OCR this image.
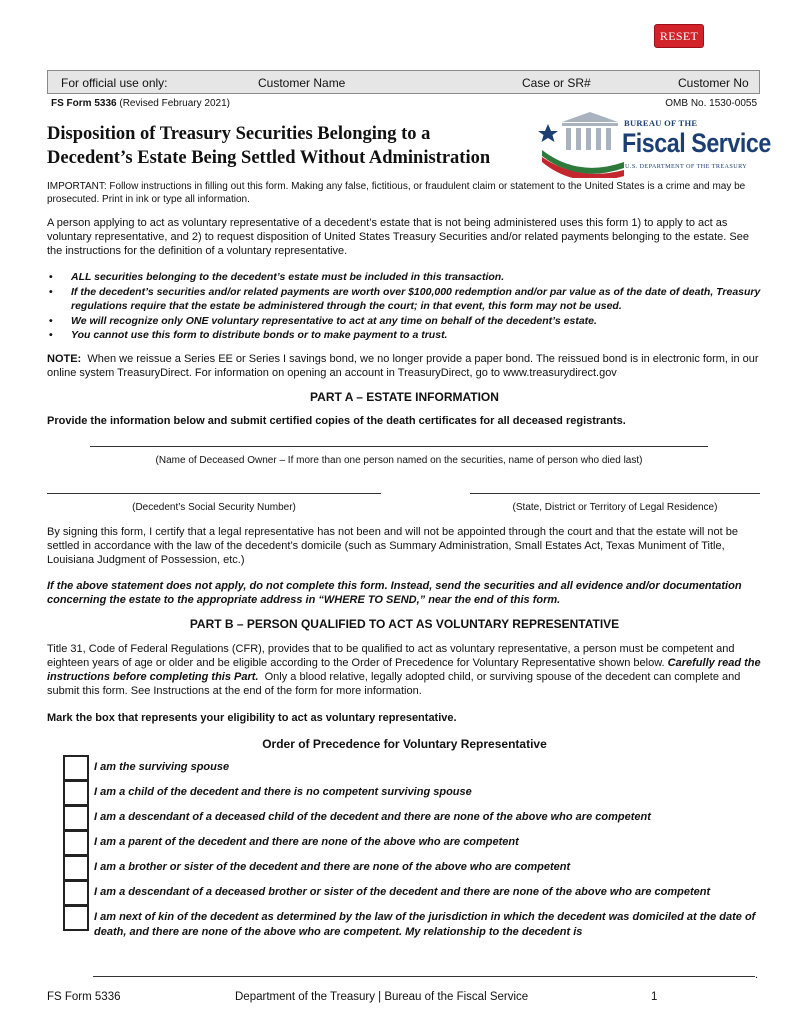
RESET
For official use only:	Customer Name	Case or SR#	Customer No
FS Form 5336 (Revised February 2021)	OMB No. 1530-0055
Disposition of Treasury Securities Belonging to a
Decedent’s Estate Being Settled Without Administration
BUREAU OF THE
Fiscal Service
U.S. DEPARTMENT OF THE TREASURY
IMPORTANT: Follow instructions in filling out this form. Making any false, fictitious, or fraudulent claim or statement to the United States is a crime and may be prosecuted. Print in ink or type all information.
A person applying to act as voluntary representative of a decedent’s estate that is not being administered uses this form 1) to apply to act as voluntary representative, and 2) to request disposition of United States Treasury Securities and/or related payments belonging to the estate. See the instructions for the definition of a voluntary representative.
• ALL securities belonging to the decedent’s estate must be included in this transaction.
• If the decedent’s securities and/or related payments are worth over $100,000 redemption and/or par value as of the date of death, Treasury regulations require that the estate be administered through the court; in that event, this form may not be used.
• We will recognize only ONE voluntary representative to act at any time on behalf of the decedent’s estate.
• You cannot use this form to distribute bonds or to make payment to a trust.
NOTE: When we reissue a Series EE or Series I savings bond, we no longer provide a paper bond. The reissued bond is in electronic form, in our online system TreasuryDirect. For information on opening an account in TreasuryDirect, go to www.treasurydirect.gov
PART A – ESTATE INFORMATION
Provide the information below and submit certified copies of the death certificates for all deceased registrants.
(Name of Deceased Owner – If more than one person named on the securities, name of person who died last)
(Decedent’s Social Security Number)	(State, District or Territory of Legal Residence)
By signing this form, I certify that a legal representative has not been and will not be appointed through the court and that the estate will not be settled in accordance with the law of the decedent’s domicile (such as Summary Administration, Small Estates Act, Texas Muniment of Title, Louisiana Judgment of Possession, etc.)
If the above statement does not apply, do not complete this form. Instead, send the securities and all evidence and/or documentation concerning the estate to the appropriate address in “WHERE TO SEND,” near the end of this form.
PART B – PERSON QUALIFIED TO ACT AS VOLUNTARY REPRESENTATIVE
Title 31, Code of Federal Regulations (CFR), provides that to be qualified to act as voluntary representative, a person must be competent and eighteen years of age or older and be eligible according to the Order of Precedence for Voluntary Representative shown below. Carefully read the instructions before completing this Part. Only a blood relative, legally adopted child, or surviving spouse of the decedent can complete and submit this form. See Instructions at the end of the form for more information.
Mark the box that represents your eligibility to act as voluntary representative.
Order of Precedence for Voluntary Representative
I am the surviving spouse
I am a child of the decedent and there is no competent surviving spouse
I am a descendant of a deceased child of the decedent and there are none of the above who are competent
I am a parent of the decedent and there are none of the above who are competent
I am a brother or sister of the decedent and there are none of the above who are competent
I am a descendant of a deceased brother or sister of the decedent and there are none of the above who are competent
I am next of kin of the decedent as determined by the law of the jurisdiction in which the decedent was domiciled at the date of death, and there are none of the above who are competent. My relationship to the decedent is
.
FS Form 5336	Department of the Treasury | Bureau of the Fiscal Service	1
